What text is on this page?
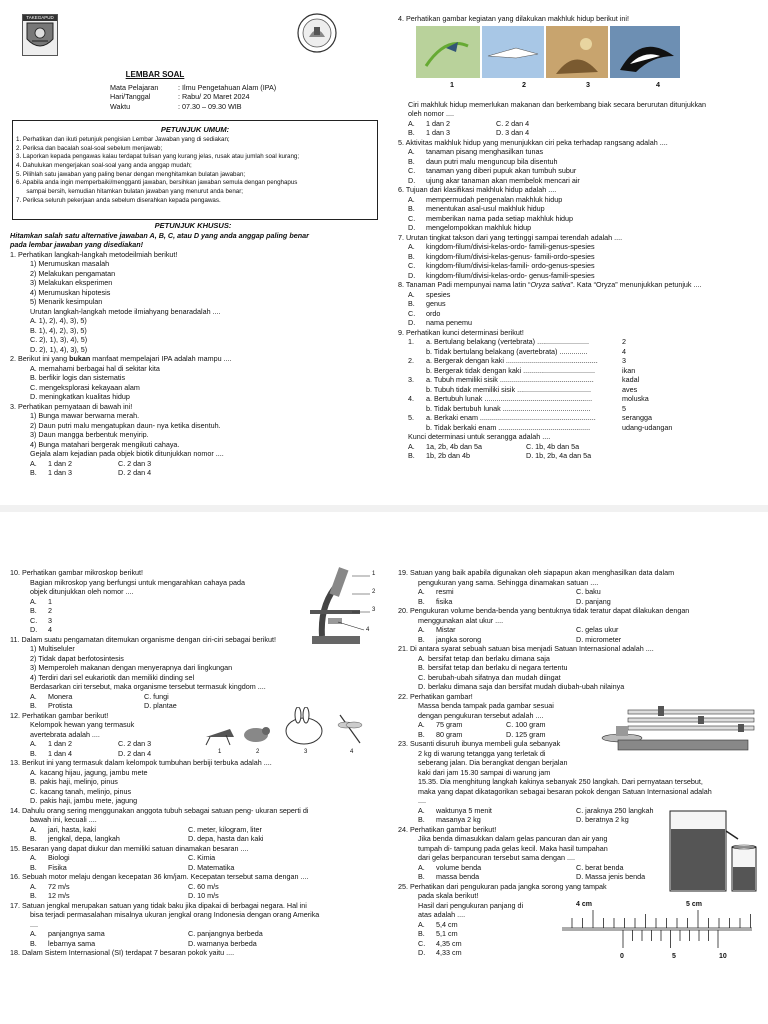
TAKEGAPUD
LEMBAR SOAL
Mata Pelajaran	: Ilmu Pengetahuan Alam (IPA)
Hari/Tanggal	: Rabu/ 20 Maret 2024
Waktu	: 07.30 – 09.30 WIB
PETUNJUK UMUM:
1. Perhatikan dan ikuti petunjuk pengisian Lembar Jawaban yang di sediakan;
2. Periksa dan bacalah soal-soal sebelum menjawab;
3. Laporkan kepada pengawas kalau terdapat tulisan yang kurang jelas, rusak atau jumlah soal kurang;
4. Dahulukan mengerjakan soal-soal yang anda anggap mudah;
5. Pilihlah satu jawaban yang paling benar dengan menghitamkan bulatan jawaban;
6. Apabila anda ingin memperbaiki/mengganti jawaban, bersihkan jawaban semula dengan penghapus
sampai bersih, kemudian hitamkan bulatan jawaban yang menurut anda benar;
7. Periksa seluruh pekerjaan anda sebelum diserahkan kepada pengawas.
PETUNJUK KHUSUS:
Hitamkan salah satu alternative jawaban A, B, C, atau D yang anda anggap paling benar
pada lembar jawaban yang disediakan!
1. Perhatikan langkah-langkah metodeilmiah berikut!
1) Merumuskan masalah
2) Melakukan pengamatan
3) Melakukan eksperimen
4) Merumuskan hipotesis
5) Menarik kesimpulan
Urutan langkah-langkah metode ilmiahyang benaradalah ....
A. 1), 2), 4), 3), 5)
B. 1), 4), 2), 3), 5)
C. 2), 1), 3), 4), 5)
D. 2), 1), 4), 3), 5)
2. Berikut ini yang bukan manfaat mempelajari IPA adalah mampu ....
A. memahami berbagai hal di sekitar kita
B. berfikir logis dan sistematis
C. mengeksplorasi kekayaan alam
D. meningkatkan kualitas hidup
3. Perhatikan pernyataan di bawah ini!
1) Bunga mawar berwarna merah.
2) Daun putri malu mengatupkan daun- nya ketika disentuh.
3) Daun mangga berbentuk menyirip.
4) Bunga matahari bergerak mengikuti cahaya.
Gejala alam kejadian pada objek biotik ditunjukkan nomor ....
A.	1 dan 2	C. 2 dan 3
B.	1 dan 3	D. 2 dan 4
4. Perhatikan gambar kegiatan yang dilakukan makhluk hidup berikut ini!
1	2	3	4
Ciri makhluk hidup memerlukan makanan dan berkembang biak secara berurutan ditunjukkan
oleh nomor ....
A.	1 dan 2	C. 2 dan 4
B.	1 dan 3	D. 3 dan 4
5. Aktivitas makhluk hidup yang menunjukkan ciri peka terhadap rangsang adalah ....
A.	tanaman pisang menghasilkan tunas
B.	daun putri malu menguncup bila disentuh
C.	tanaman yang diberi pupuk akan tumbuh subur
D.	ujung akar tanaman akan membelok mencari air
6. Tujuan dari klasifikasi makhluk hidup adalah ....
A.	mempermudah pengenalan makhluk hidup
B.	menentukan asal-usul makhluk hidup
C.	memberikan nama pada setiap makhluk hidup
D.	mengelompokkan makhluk hidup
7. Urutan tingkat takson dari yang tertinggi sampai terendah adalah ....
A.	kingdom-filum/divisi-kelas-ordo- famili-genus-spesies
B.	kingdom-filum/divisi-kelas-genus- famili-ordo-spesies
C.	kingdom-filum/divisi-kelas-famili- ordo-genus-spesies
D.	kingdom-filum/divisi-kelas-ordo- genus-famili-spesies
8. Tanaman Padi mempunyai nama latin “Oryza sativa”. Kata “Oryza” menunjukkan petunjuk ....
A.	spesies
B.	genus
C.	ordo
D.	nama penemu
9. Perhatikan kunci determinasi berikut!
1.	a. Bertulang belakang (vertebrata) ..........................	2
b. Tidak bertulang belakang (avertebrata) ..............	4
2.	a. Bergerak dengan kaki ..............................................	3
b. Bergerak tidak dengan kaki ....................................	ikan
3.	a. Tubuh memiliki sisik ...............................................	kadal
b. Tubuh tidak memiliki sisik .....................................	aves
4.	a. Bertubuh lunak ......................................................	moluska
b. Tidak bertubuh lunak ............................................	5
5.	a. Berkaki enam ..........................................................	serangga
b. Tidak berkaki enam ..............................................	udang-udangan
Kunci determinasi untuk serangga adalah ....
A.	1a, 2b, 4b dan 5a	C. 1b, 4b dan 5a
B.	1b, 2b dan 4b	D. 1b, 2b, 4a dan 5a
10. Perhatikan gambar mikroskop berikut!
Bagian mikroskop yang berfungsi untuk mengarahkan cahaya pada
objek ditunjukkan oleh nomor ....
A.	1
B.	2
C.	3
D.	4
1
2
3
4
11. Dalam suatu pengamatan ditemukan organisme dengan ciri-ciri sebagai berikut!
1) Multiseluler
2) Tidak dapat berfotosintesis
3) Memperoleh makanan dengan menyerapnya dari lingkungan
4) Terdiri dari sel eukariotik dan memiliki dinding sel
Berdasarkan ciri tersebut, maka organisme tersebut termasuk kingdom ....
A.	Monera	C. fungi
B.	Protista	D. plantae
12. Perhatikan gambar berikut!
Kelompok hewan yang termasuk
avertebrata adalah ....
A.	1 dan 2	C. 2 dan 3
B.	1 dan 4	D. 2 dan 4	1	2	3	4
13. Berikut ini yang termasuk dalam kelompok tumbuhan berbiji terbuka adalah ....
A. kacang hijau, jagung, jambu mete
B. pakis haji, melinjo, pinus
C. kacang tanah, melinjo, pinus
D. pakis haji, jambu mete, jagung
14. Dahulu orang sering menggunakan anggota tubuh sebagai satuan peng- ukuran seperti di
bawah ini, kecuali ....
A.	jari, hasta, kaki	C. meter, kilogram, liter
B.	jengkal, depa, langkah	D. depa, hasta dan kaki
15. Besaran yang dapat diukur dan memiliki satuan dinamakan besaran ....
A.	Biologi	C. Kimia
B.	Fisika	D. Matematika
16. Sebuah motor melaju dengan kecepatan 36 km/jam. Kecepatan tersebut sama dengan ....
A.	72 m/s	C. 60 m/s
B.	12 m/s	D. 10 m/s
17. Satuan jengkal merupakan satuan yang tidak baku jika dipakai di berbagai negara. Hal ini
bisa terjadi permasalahan misalnya ukuran jengkal orang Indonesia dengan orang Amerika
....
A.	panjangnya sama	C. panjangnya berbeda
B.	lebarnya sama	D. warnanya berbeda
18. Dalam Sistem Internasional (SI) terdapat 7 besaran pokok yaitu ....
19. Satuan yang baik apabila digunakan oleh siapapun akan menghasilkan data dalam
pengukuran yang sama. Sehingga dinamakan satuan ....
A.	resmi	C. baku
B.	fisika	D. panjang
20. Pengukuran volume benda-benda yang bentuknya tidak teratur dapat dilakukan dengan
menggunakan alat ukur ....
A.	Mistar	C. gelas ukur
B.	jangka sorong	D. micrometer
21. Di antara syarat sebuah satuan bisa menjadi Satuan Internasional adalah ....
A. bersifat tetap dan berlaku dimana saja
B. bersifat tetap dan berlaku di negara tertentu
C. berubah-ubah sifatnya dan mudah diingat
D. berlaku dimana saja dan bersifat mudah diubah-ubah nilainya
22. Perhatikan gambar!
Massa benda tampak pada gambar sesuai
dengan pengukuran tersebut adalah ....
A.	75 gram	C. 100 gram
B.	80 gram	D. 125 gram
23. Susanti disuruh ibunya membeli gula sebanyak
2 kg di warung tetangga yang terletak di
seberang jalan. Dia berangkat dengan berjalan
kaki dari jam 15.30 sampai di warung jam
15.35. Dia menghitung langkah kakinya sebanyak 250 langkah. Dari pernyataan tersebut,
maka yang dapat dikatagorikan sebagai besaran pokok dengan Satuan Internasional adalah
....
A.	waktunya 5 menit	C. jaraknya 250 langkah
B.	masanya 2 kg	D. beratnya 2 kg
24. Perhatikan gambar berikut!
Jika benda dimasukkan dalam gelas pancuran dan air yang
tumpah di- tampung pada gelas kecil. Maka hasil tumpahan
dari gelas berpancuran tersebut sama dengan ....
A.	volume benda	C. berat benda
B.	massa benda	D. Massa jenis benda
25. Perhatikan dari pengukuran pada jangka sorong yang tampak
pada skala berikut!
Hasil dari pengukuran panjang di
atas adalah ....
A.	5,4 cm
B.	5,1 cm
C.	4,35 cm
D.	4,33 cm
4 cm	5 cm
0	5	10
